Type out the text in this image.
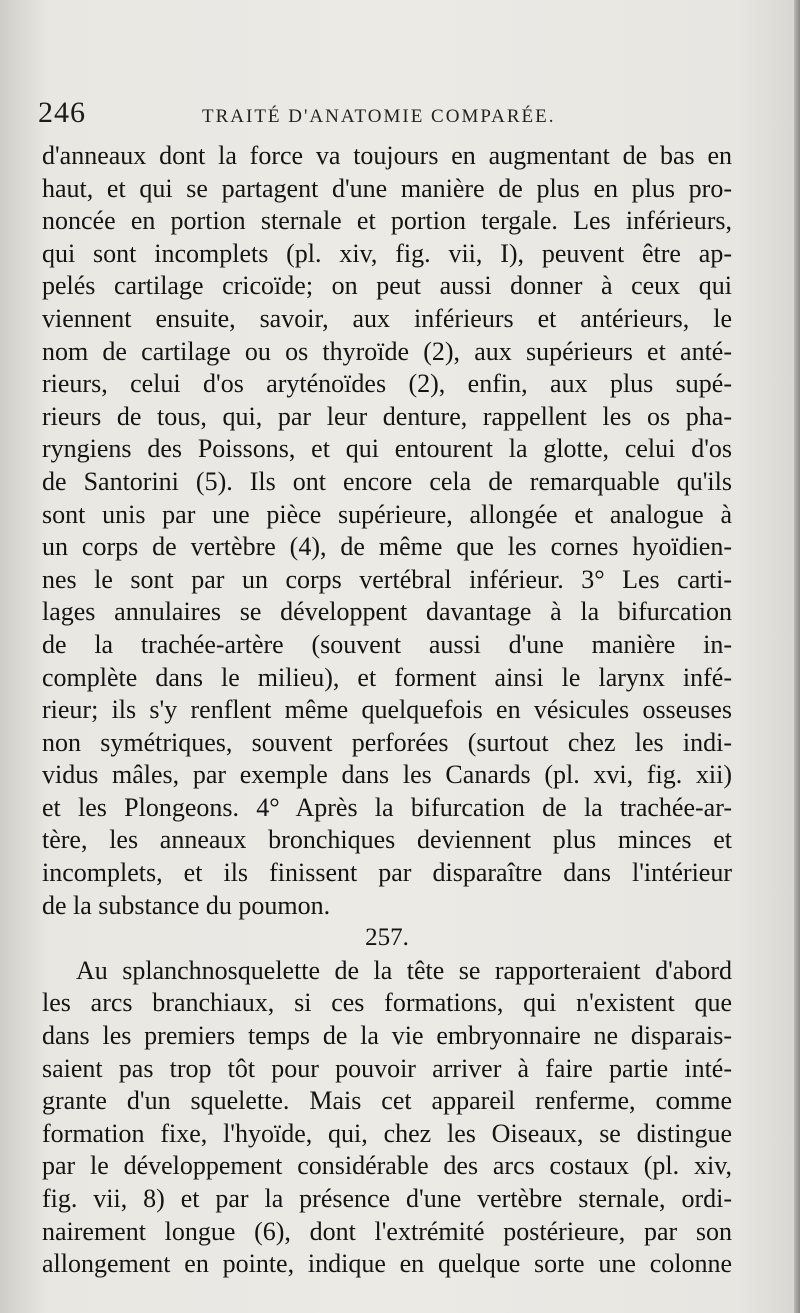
246	TRAITÉ D'ANATOMIE COMPARÉE.
d'anneaux dont la force va toujours en augmentant de bas en
haut, et qui se partagent d'une manière de plus en plus pro-
noncée en portion sternale et portion tergale. Les inférieurs,
qui sont incomplets (pl. xiv, fig. vii, I), peuvent être ap-
pelés cartilage cricoïde; on peut aussi donner à ceux qui
viennent ensuite, savoir, aux inférieurs et antérieurs, le
nom de cartilage ou os thyroïde (2), aux supérieurs et anté-
rieurs, celui d'os aryténoïdes (2), enfin, aux plus supé-
rieurs de tous, qui, par leur denture, rappellent les os pha-
ryngiens des Poissons, et qui entourent la glotte, celui d'os
de Santorini (5). Ils ont encore cela de remarquable qu'ils
sont unis par une pièce supérieure, allongée et analogue à
un corps de vertèbre (4), de même que les cornes hyoïdien-
nes le sont par un corps vertébral inférieur. 3° Les carti-
lages annulaires se développent davantage à la bifurcation
de la trachée-artère (souvent aussi d'une manière in-
complète dans le milieu), et forment ainsi le larynx infé-
rieur; ils s'y renflent même quelquefois en vésicules osseuses
non symétriques, souvent perforées (surtout chez les indi-
vidus mâles, par exemple dans les Canards (pl. xvi, fig. xii)
et les Plongeons. 4° Après la bifurcation de la trachée-ar-
tère, les anneaux bronchiques deviennent plus minces et
incomplets, et ils finissent par disparaître dans l'intérieur
de la substance du poumon.
257.
Au splanchnosquelette de la tête se rapporteraient d'abord
les arcs branchiaux, si ces formations, qui n'existent que
dans les premiers temps de la vie embryonnaire ne disparais-
saient pas trop tôt pour pouvoir arriver à faire partie inté-
grante d'un squelette. Mais cet appareil renferme, comme
formation fixe, l'hyoïde, qui, chez les Oiseaux, se distingue
par le développement considérable des arcs costaux (pl. xiv,
fig. vii, 8) et par la présence d'une vertèbre sternale, ordi-
nairement longue (6), dont l'extrémité postérieure, par son
allongement en pointe, indique en quelque sorte une colonne
